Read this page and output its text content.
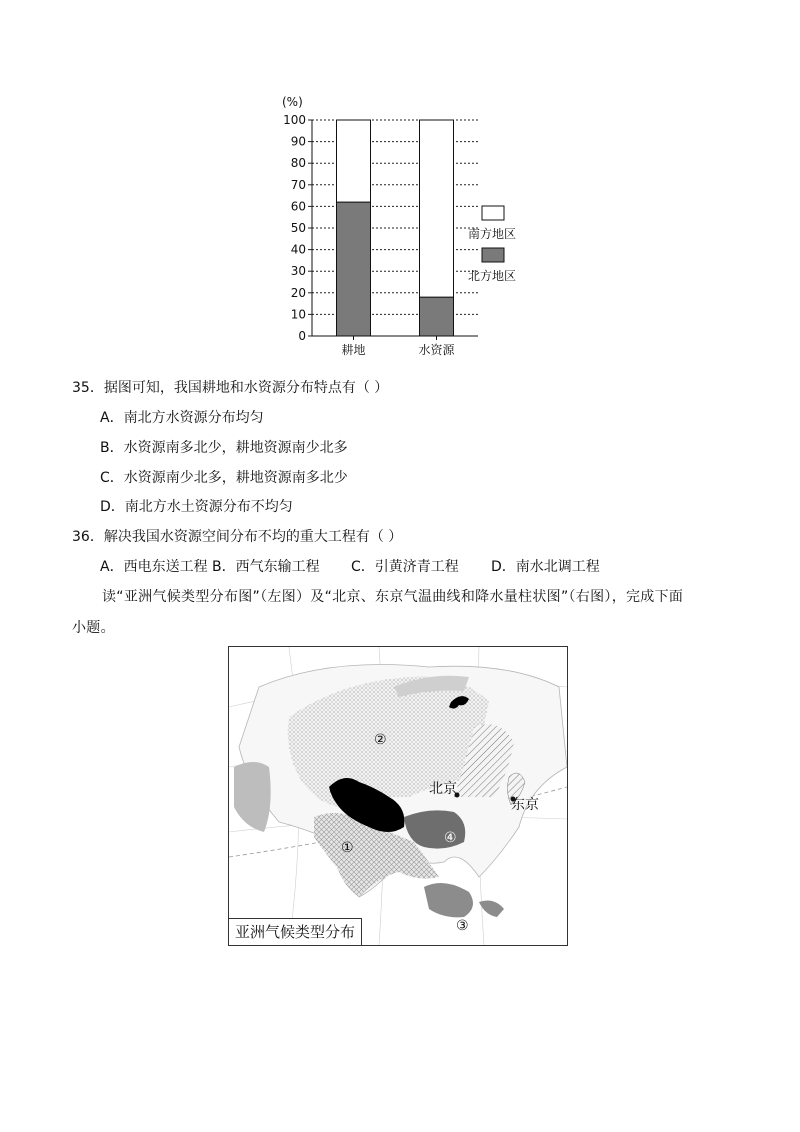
0
10
20
30
40
50
60
70
80
90
100
耕地	水资源
(%)
南方地区
北方地区
35．据图可知，我国耕地和水资源分布特点有（ ）
A．南北方水资源分布均匀
B．水资源南多北少，耕地资源南少北多
C．水资源南少北多，耕地资源南多北少
D．南北方水土资源分布不均匀
36．解决我国水资源空间分布不均的重大工程有（ ）
A．西电东送工程 B．西气东输工程 C．引黄济青工程 D．南水北调工程
读“亚洲气候类型分布图”（左图）及“北京、东京气温曲线和降水量柱状图”（右图），完成下面
小题。
①
②
③
④
北京
东京
亚洲气候类型分布
